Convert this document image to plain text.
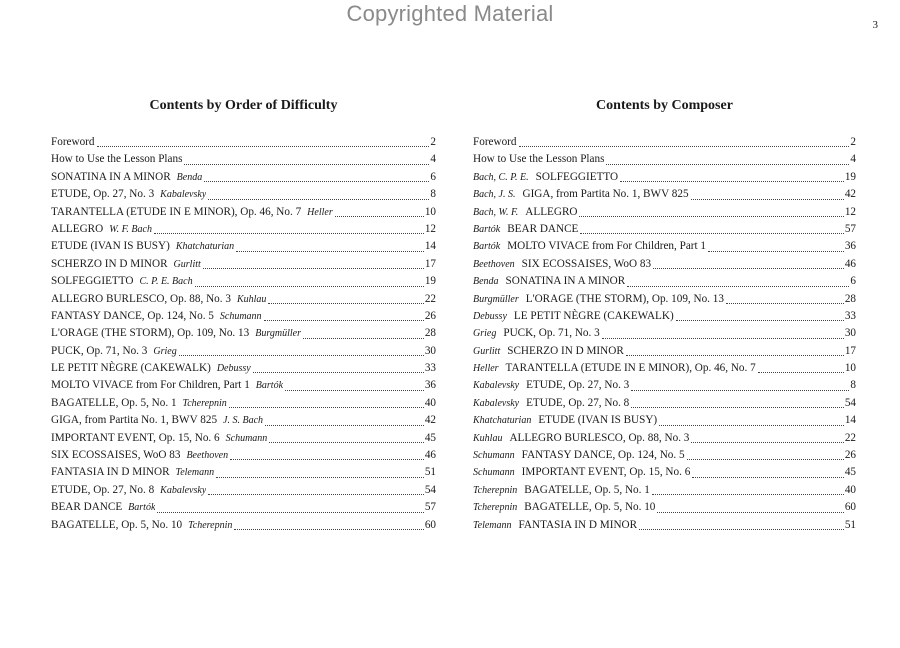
Copyrighted Material	3
Contents by Order of Difficulty
Foreword	2
How to Use the Lesson Plans	4
SONATINA IN A MINOR Benda	6
ETUDE, Op. 27, No. 3 Kabalevsky	8
TARANTELLA (ETUDE IN E MINOR), Op. 46, No. 7 Heller	10
ALLEGRO W. F. Bach	12
ETUDE (IVAN IS BUSY) Khatchaturian	14
SCHERZO IN D MINOR Gurlitt	17
SOLFEGGIETTO C. P. E. Bach	19
ALLEGRO BURLESCO, Op. 88, No. 3 Kuhlau	22
FANTASY DANCE, Op. 124, No. 5 Schumann	26
L'ORAGE (THE STORM), Op. 109, No. 13 Burgmüller	28
PUCK, Op. 71, No. 3 Grieg	30
LE PETIT NÈGRE (CAKEWALK) Debussy	33
MOLTO VIVACE from For Children, Part 1 Bartók	36
BAGATELLE, Op. 5, No. 1 Tcherepnin	40
GIGA, from Partita No. 1, BWV 825 J. S. Bach	42
IMPORTANT EVENT, Op. 15, No. 6 Schumann	45
SIX ECOSSAISES, WoO 83 Beethoven	46
FANTASIA IN D MINOR Telemann	51
ETUDE, Op. 27, No. 8 Kabalevsky	54
BEAR DANCE Bartók	57
BAGATELLE, Op. 5, No. 10 Tcherepnin	60
Contents by Composer
Foreword	2
How to Use the Lesson Plans	4
Bach, C. P. E. SOLFEGGIETTO	19
Bach, J. S. GIGA, from Partita No. 1, BWV 825	42
Bach, W. F. ALLEGRO	12
Bartók BEAR DANCE	57
Bartók MOLTO VIVACE from For Children, Part 1	36
Beethoven SIX ECOSSAISES, WoO 83	46
Benda SONATINA IN A MINOR	6
Burgmüller L'ORAGE (THE STORM), Op. 109, No. 13	28
Debussy LE PETIT NÈGRE (CAKEWALK)	33
Grieg PUCK, Op. 71, No. 3	30
Gurlitt SCHERZO IN D MINOR	17
Heller TARANTELLA (ETUDE IN E MINOR), Op. 46, No. 7	10
Kabalevsky ETUDE, Op. 27, No. 3	8
Kabalevsky ETUDE, Op. 27, No. 8	54
Khatchaturian ETUDE (IVAN IS BUSY)	14
Kuhlau ALLEGRO BURLESCO, Op. 88, No. 3	22
Schumann FANTASY DANCE, Op. 124, No. 5	26
Schumann IMPORTANT EVENT, Op. 15, No. 6	45
Tcherepnin BAGATELLE, Op. 5, No. 1	40
Tcherepnin BAGATELLE, Op. 5, No. 10	60
Telemann FANTASIA IN D MINOR	51
